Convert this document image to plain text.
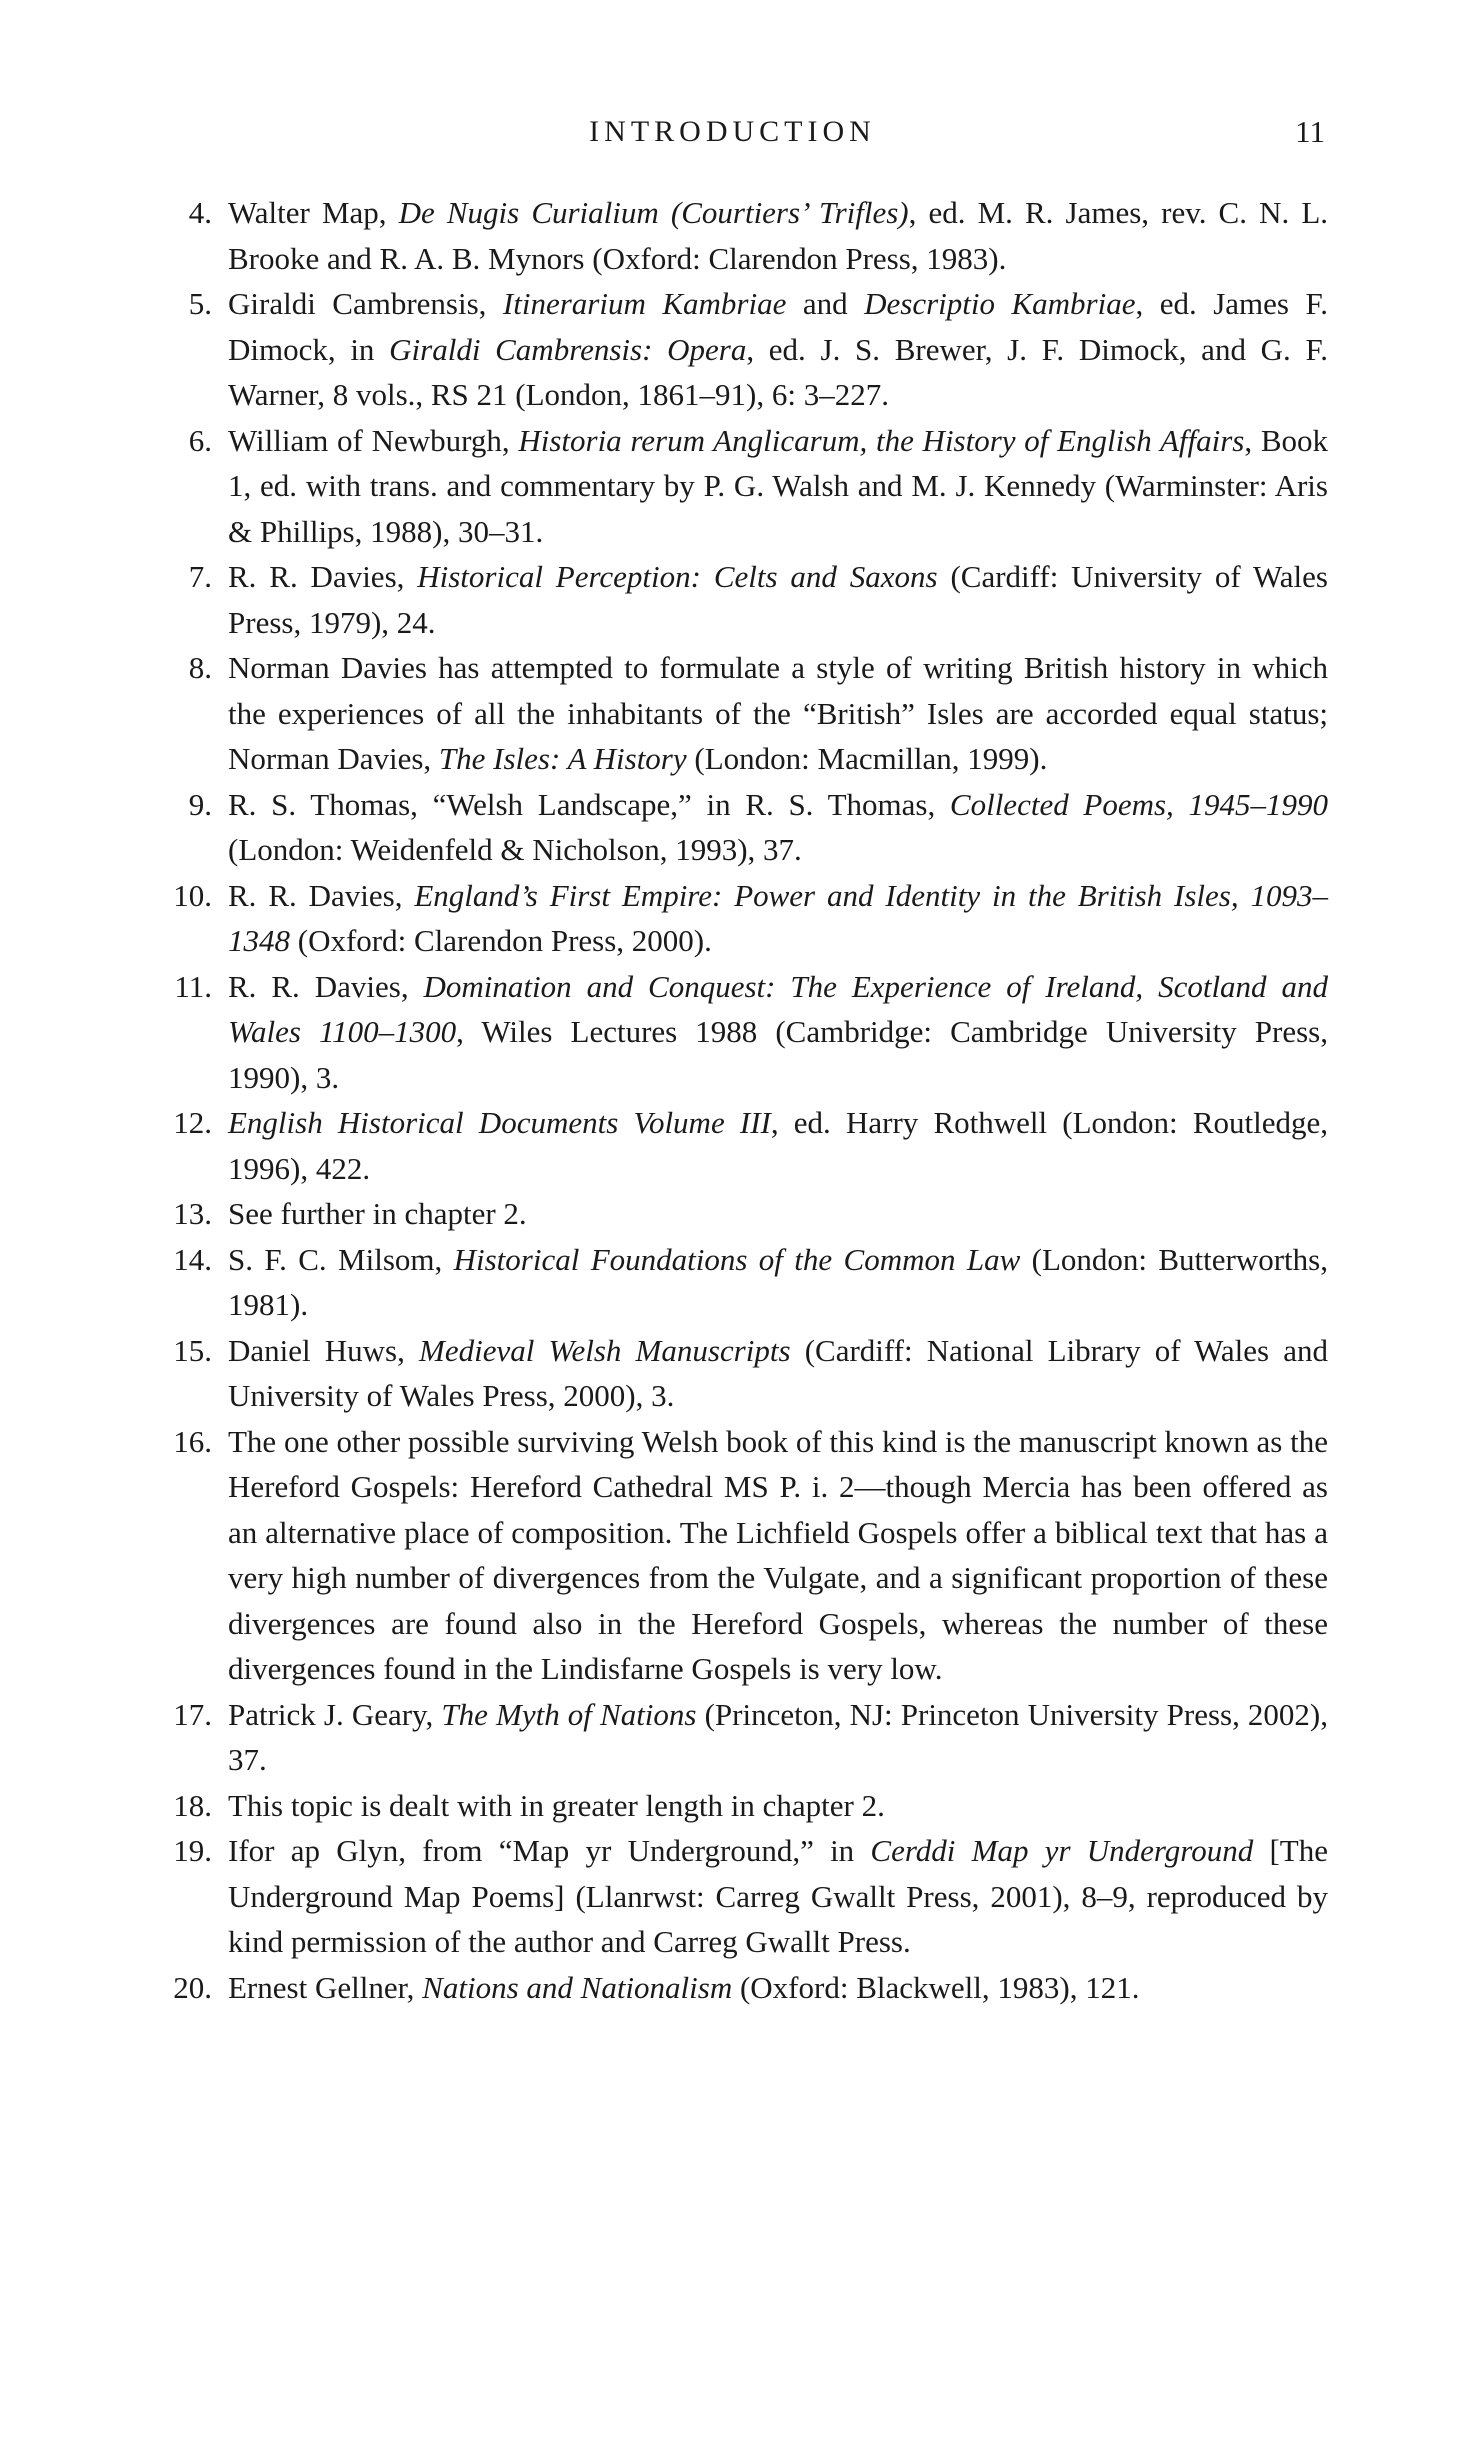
INTRODUCTION	11
4. Walter Map, De Nugis Curialium (Courtiers’ Trifles), ed. M. R. James, rev. C. N. L. Brooke and R. A. B. Mynors (Oxford: Clarendon Press, 1983).
5. Giraldi Cambrensis, Itinerarium Kambriae and Descriptio Kambriae, ed. James F. Dimock, in Giraldi Cambrensis: Opera, ed. J. S. Brewer, J. F. Dimock, and G. F. Warner, 8 vols., RS 21 (London, 1861–91), 6: 3–227.
6. William of Newburgh, Historia rerum Anglicarum, the History of English Affairs, Book 1, ed. with trans. and commentary by P. G. Walsh and M. J. Kennedy (Warminster: Aris & Phillips, 1988), 30–31.
7. R. R. Davies, Historical Perception: Celts and Saxons (Cardiff: University of Wales Press, 1979), 24.
8. Norman Davies has attempted to formulate a style of writing British history in which the experiences of all the inhabitants of the “British” Isles are accorded equal status; Norman Davies, The Isles: A History (London: Macmillan, 1999).
9. R. S. Thomas, “Welsh Landscape,” in R. S. Thomas, Collected Poems, 1945–1990 (London: Weidenfeld & Nicholson, 1993), 37.
10. R. R. Davies, England’s First Empire: Power and Identity in the British Isles, 1093–1348 (Oxford: Clarendon Press, 2000).
11. R. R. Davies, Domination and Conquest: The Experience of Ireland, Scotland and Wales 1100–1300, Wiles Lectures 1988 (Cambridge: Cambridge University Press, 1990), 3.
12. English Historical Documents Volume III, ed. Harry Rothwell (London: Routledge, 1996), 422.
13. See further in chapter 2.
14. S. F. C. Milsom, Historical Foundations of the Common Law (London: Butterworths, 1981).
15. Daniel Huws, Medieval Welsh Manuscripts (Cardiff: National Library of Wales and University of Wales Press, 2000), 3.
16. The one other possible surviving Welsh book of this kind is the manuscript known as the Hereford Gospels: Hereford Cathedral MS P. i. 2—though Mercia has been offered as an alternative place of composition. The Lichfield Gospels offer a biblical text that has a very high number of divergences from the Vulgate, and a significant proportion of these divergences are found also in the Hereford Gospels, whereas the number of these divergences found in the Lindisfarne Gospels is very low.
17. Patrick J. Geary, The Myth of Nations (Princeton, NJ: Princeton University Press, 2002), 37.
18. This topic is dealt with in greater length in chapter 2.
19. Ifor ap Glyn, from “Map yr Underground,” in Cerddi Map yr Underground [The Underground Map Poems] (Llanrwst: Carreg Gwallt Press, 2001), 8–9, reproduced by kind permission of the author and Carreg Gwallt Press.
20. Ernest Gellner, Nations and Nationalism (Oxford: Blackwell, 1983), 121.
